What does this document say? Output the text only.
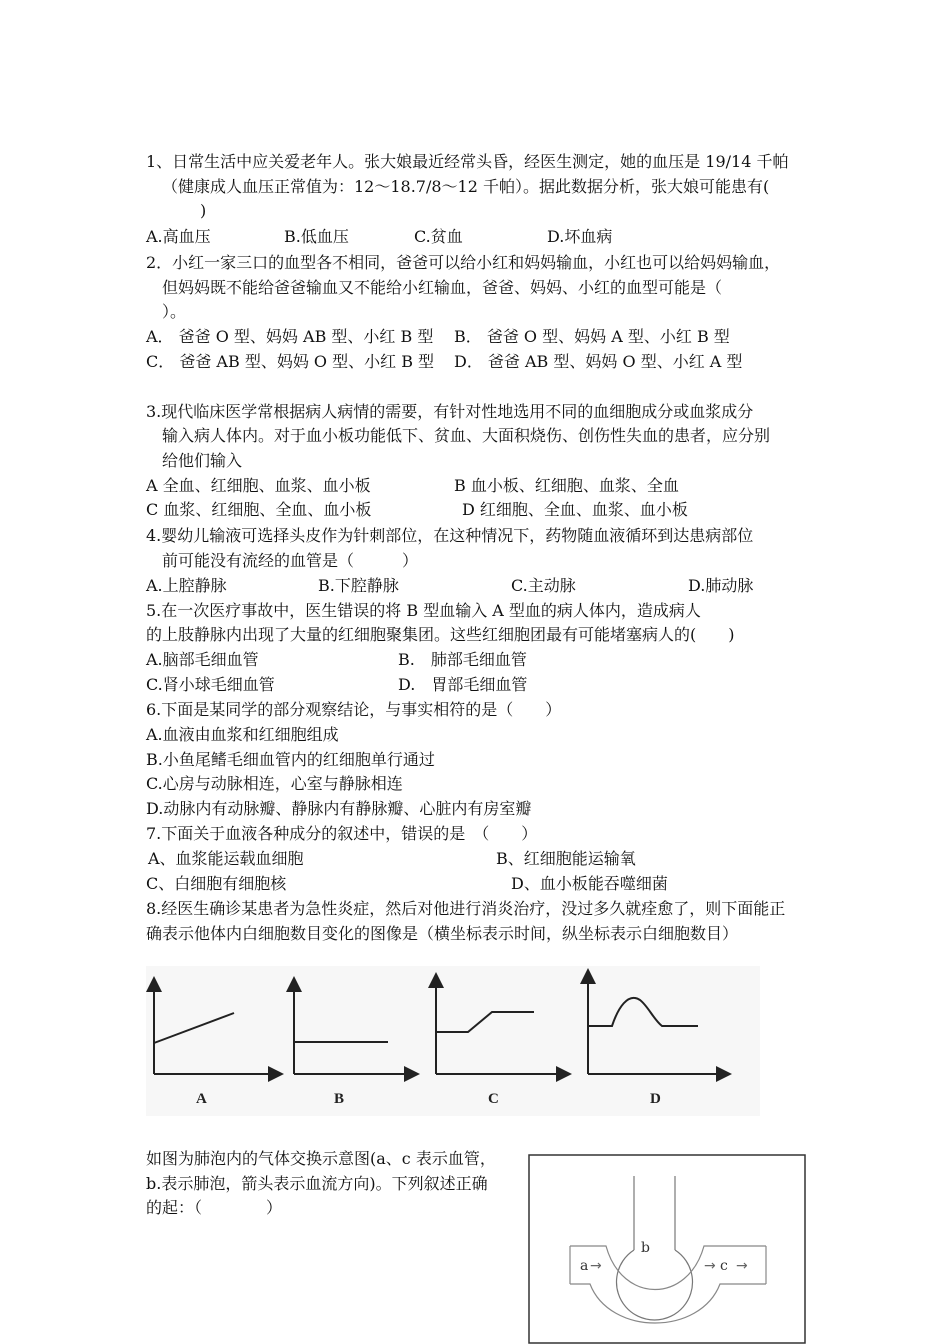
1、日常生活中应关爱老年人。张大娘最近经常头昏，经医生测定，她的血压是 19/14 千帕
（健康成人血压正常值为：12～18.7/8～12 千帕）。据此数据分析，张大娘可能患有(
)
A.高血压	B.低血压	C.贫血	D.坏血病
2．小红一家三口的血型各不相同，爸爸可以给小红和妈妈输血，小红也可以给妈妈输血，
但妈妈既不能给爸爸输血又不能给小红输血，爸爸、妈妈、小红的血型可能是（
）。
A． 爸爸 O 型、妈妈 AB 型、小红 B 型 B． 爸爸 O 型、妈妈 A 型、小红 B 型
C． 爸爸 AB 型、妈妈 O 型、小红 B 型 D． 爸爸 AB 型、妈妈 O 型、小红 A 型
3.现代临床医学常根据病人病情的需要，有针对性地选用不同的血细胞成分或血浆成分
输入病人体内。对于血小板功能低下、贫血、大面积烧伤、创伤性失血的患者，应分别
给他们输入
A 全血、红细胞、血浆、血小板	B 血小板、红细胞、血浆、全血
C 血浆、红细胞、全血、血小板	D 红细胞、全血、血浆、血小板
4.婴幼儿输液可选择头皮作为针刺部位，在这种情况下，药物随血液循环到达患病部位
前可能没有流经的血管是（　　　）
A.上腔静脉	B.下腔静脉	C.主动脉	D.肺动脉
5.在一次医疗事故中，医生错误的将 B 型血输入 A 型血的病人体内，造成病人
的上肢静脉内出现了大量的红细胞聚集团。这些红细胞团最有可能堵塞病人的(　　)
A.脑部毛细血管	B.　肺部毛细血管
C.肾小球毛细血管	D.　胃部毛细血管
6.下面是某同学的部分观察结论，与事实相符的是（　　）
A.血液由血浆和红细胞组成
B.小鱼尾鳍毛细血管内的红细胞单行通过
C.心房与动脉相连，心室与静脉相连
D.动脉内有动脉瓣、静脉内有静脉瓣、心脏内有房室瓣
7.下面关于血液各种成分的叙述中，错误的是　（　　）
A、血浆能运载血细胞	B、红细胞能运输氧
C、白细胞有细胞核	D、血小板能吞噬细菌
8.经医生确诊某患者为急性炎症，然后对他进行消炎治疗，没过多久就痊愈了，则下面能正
确表示他体内白细胞数目变化的图像是（横坐标表示时间，纵坐标表示白细胞数目）
A	B	C	D
如图为肺泡内的气体交换示意图(a、c 表示血管，
b.表示肺泡，箭头表示血流方向)。下列叙述正确
的起：（　　　　）
a →
b
→ c →
